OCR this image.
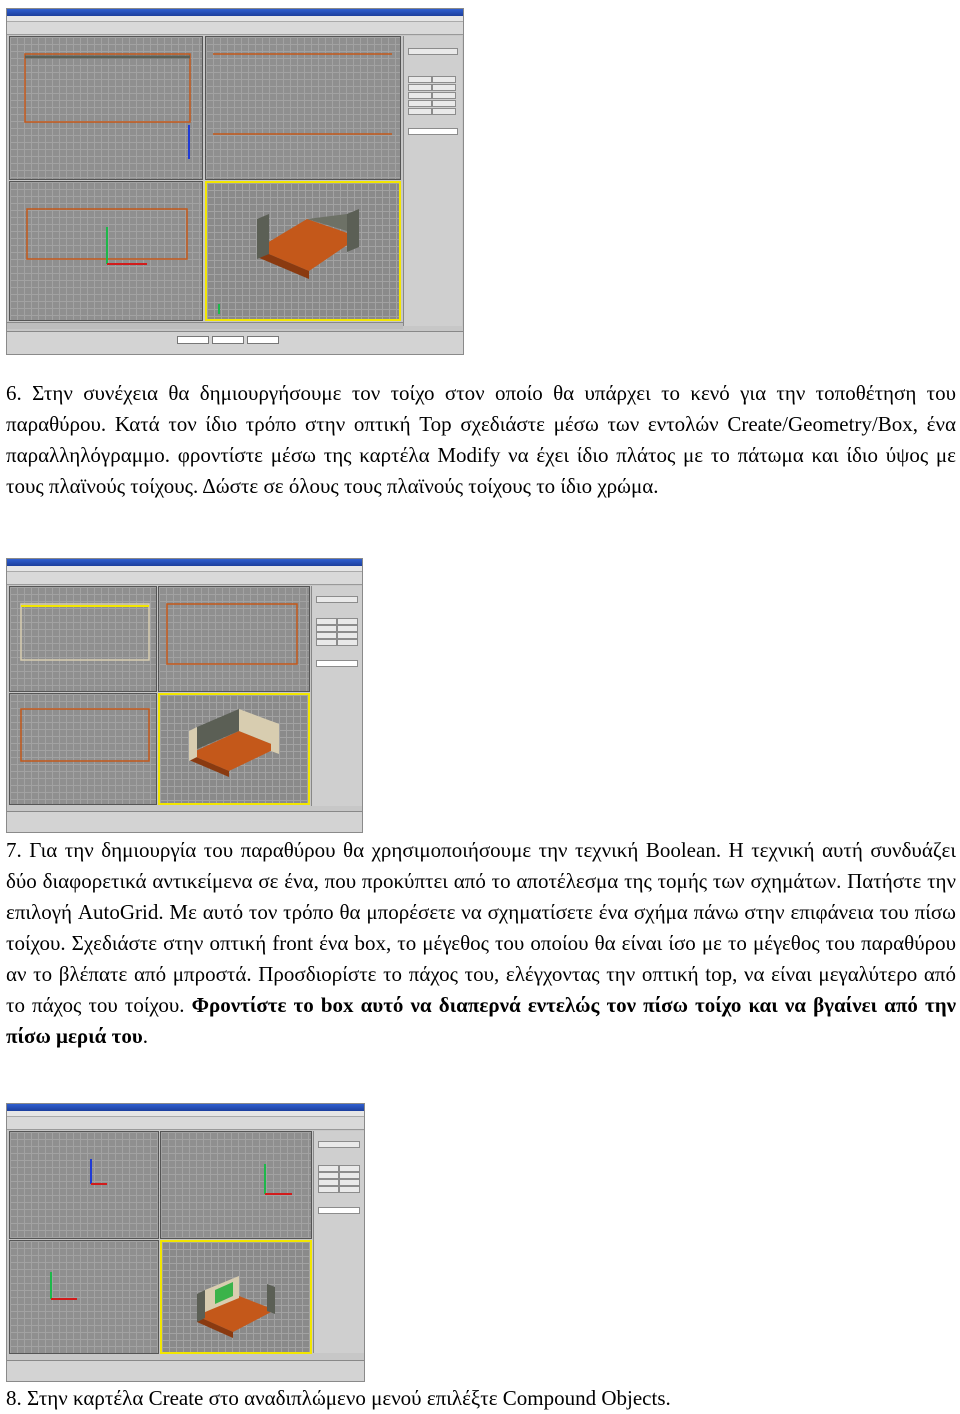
6. Στην συνέχεια θα δημιουργήσουμε τον τοίχο στον οποίο θα υπάρχει το κενό για την τοποθέτηση του παραθύρου. Κατά τον ίδιο τρόπο στην οπτική Top σχεδιάστε μέσω των εντολών Create/Geometry/Box, ένα παραλληλόγραμμο. φροντίστε μέσω της καρτέλα Modify να έχει ίδιο πλάτος με το πάτωμα και ίδιο ύψος με τους πλαϊνούς τοίχους. Δώστε σε όλους τους πλαϊνούς τοίχους το ίδιο χρώμα.

7. Για την δημιουργία του παραθύρου θα χρησιμοποιήσουμε την τεχνική Boolean. Η τεχνική αυτή συνδυάζει δύο διαφορετικά αντικείμενα σε ένα, που προκύπτει από το αποτέλεσμα της τομής των σχημάτων. Πατήστε την επιλογή AutoGrid. Με αυτό τον τρόπο θα μπορέσετε να σχηματίσετε ένα σχήμα πάνω στην επιφάνεια του πίσω τοίχου. Σχεδιάστε στην οπτική front ένα box, το μέγεθος του οποίου θα είναι ίσο με το μέγεθος του παραθύρου αν το βλέπατε από μπροστά. Προσδιορίστε το πάχος του, ελέγχοντας την οπτική top, να είναι μεγαλύτερο από το πάχος του τοίχου. Φροντίστε το box αυτό να διαπερνά εντελώς τον πίσω τοίχο και να βγαίνει από την πίσω μεριά του.

8. Στην καρτέλα Create στο αναδιπλώμενο μενού επιλέξτε Compound Objects.
